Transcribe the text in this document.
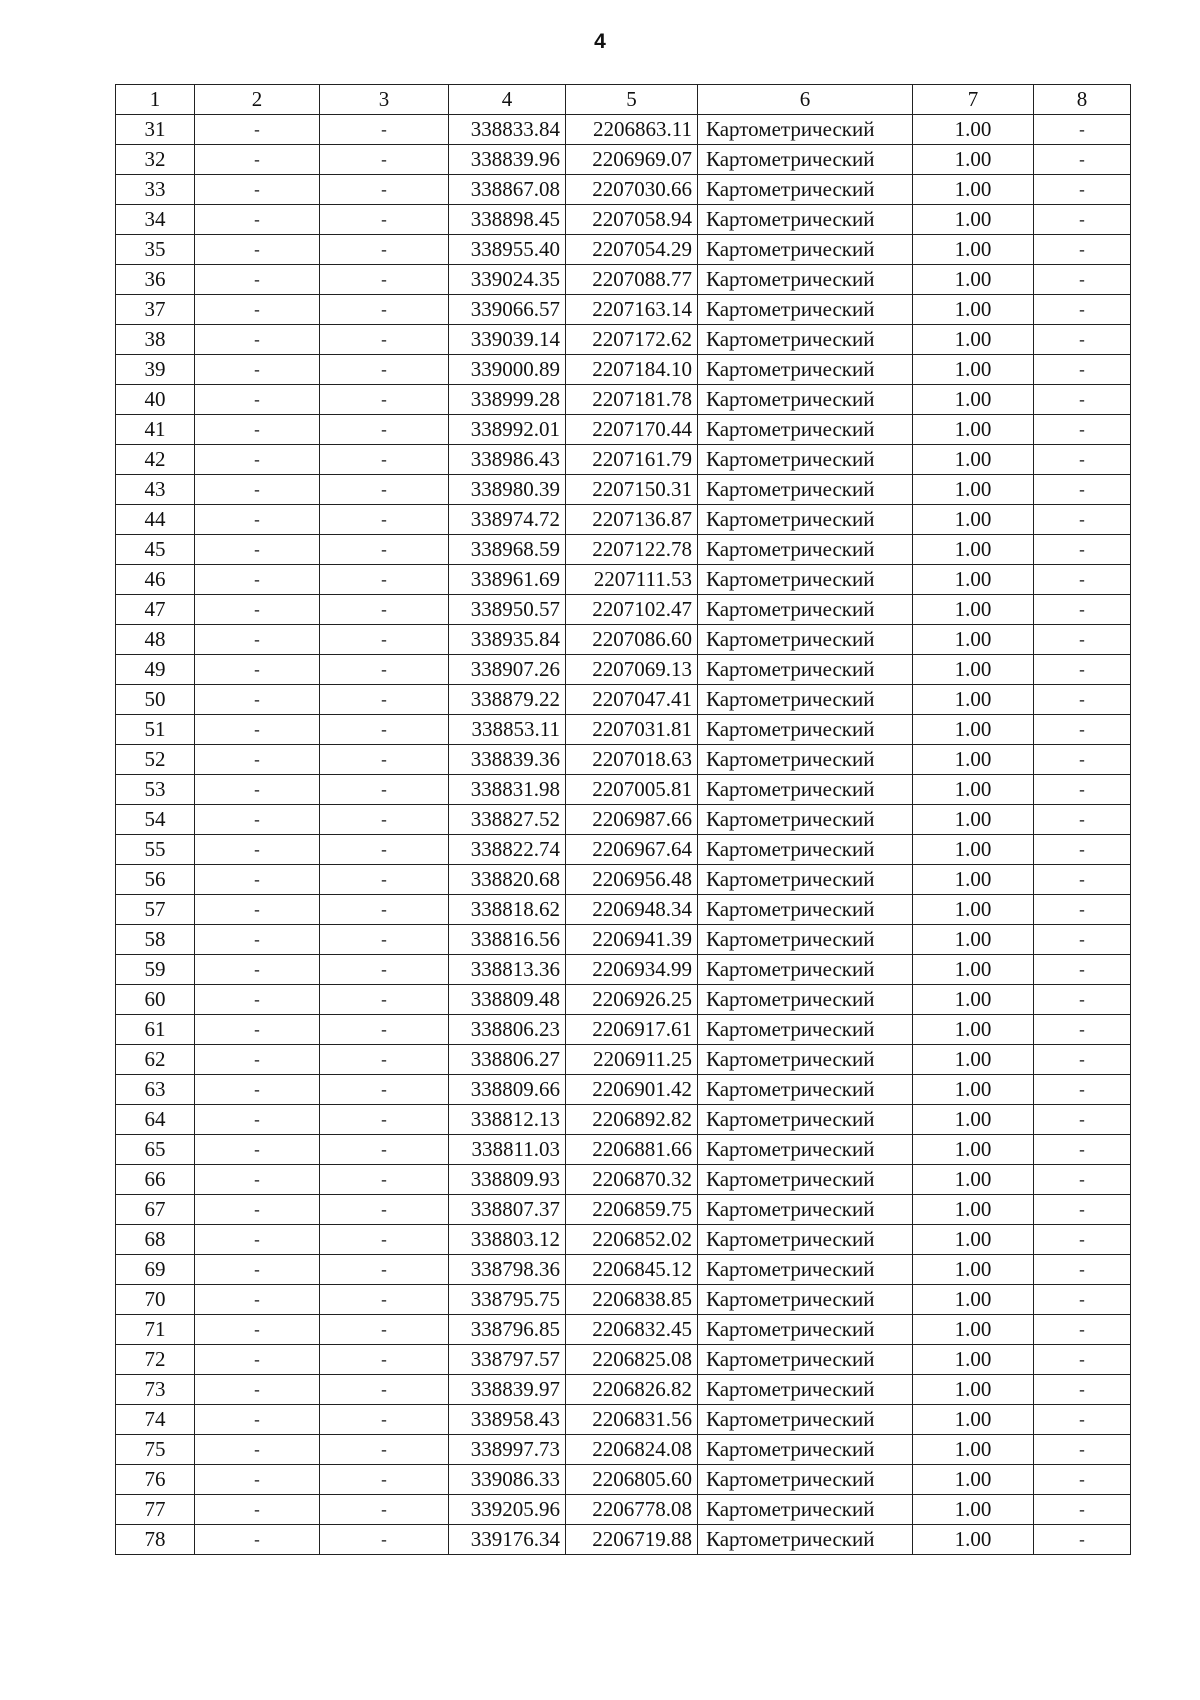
4
1	2	3	4	5	6	7	8
31	-	-	338833.84	2206863.11	Картометрический	1.00	-
32	-	-	338839.96	2206969.07	Картометрический	1.00	-
33	-	-	338867.08	2207030.66	Картометрический	1.00	-
34	-	-	338898.45	2207058.94	Картометрический	1.00	-
35	-	-	338955.40	2207054.29	Картометрический	1.00	-
36	-	-	339024.35	2207088.77	Картометрический	1.00	-
37	-	-	339066.57	2207163.14	Картометрический	1.00	-
38	-	-	339039.14	2207172.62	Картометрический	1.00	-
39	-	-	339000.89	2207184.10	Картометрический	1.00	-
40	-	-	338999.28	2207181.78	Картометрический	1.00	-
41	-	-	338992.01	2207170.44	Картометрический	1.00	-
42	-	-	338986.43	2207161.79	Картометрический	1.00	-
43	-	-	338980.39	2207150.31	Картометрический	1.00	-
44	-	-	338974.72	2207136.87	Картометрический	1.00	-
45	-	-	338968.59	2207122.78	Картометрический	1.00	-
46	-	-	338961.69	2207111.53	Картометрический	1.00	-
47	-	-	338950.57	2207102.47	Картометрический	1.00	-
48	-	-	338935.84	2207086.60	Картометрический	1.00	-
49	-	-	338907.26	2207069.13	Картометрический	1.00	-
50	-	-	338879.22	2207047.41	Картометрический	1.00	-
51	-	-	338853.11	2207031.81	Картометрический	1.00	-
52	-	-	338839.36	2207018.63	Картометрический	1.00	-
53	-	-	338831.98	2207005.81	Картометрический	1.00	-
54	-	-	338827.52	2206987.66	Картометрический	1.00	-
55	-	-	338822.74	2206967.64	Картометрический	1.00	-
56	-	-	338820.68	2206956.48	Картометрический	1.00	-
57	-	-	338818.62	2206948.34	Картометрический	1.00	-
58	-	-	338816.56	2206941.39	Картометрический	1.00	-
59	-	-	338813.36	2206934.99	Картометрический	1.00	-
60	-	-	338809.48	2206926.25	Картометрический	1.00	-
61	-	-	338806.23	2206917.61	Картометрический	1.00	-
62	-	-	338806.27	2206911.25	Картометрический	1.00	-
63	-	-	338809.66	2206901.42	Картометрический	1.00	-
64	-	-	338812.13	2206892.82	Картометрический	1.00	-
65	-	-	338811.03	2206881.66	Картометрический	1.00	-
66	-	-	338809.93	2206870.32	Картометрический	1.00	-
67	-	-	338807.37	2206859.75	Картометрический	1.00	-
68	-	-	338803.12	2206852.02	Картометрический	1.00	-
69	-	-	338798.36	2206845.12	Картометрический	1.00	-
70	-	-	338795.75	2206838.85	Картометрический	1.00	-
71	-	-	338796.85	2206832.45	Картометрический	1.00	-
72	-	-	338797.57	2206825.08	Картометрический	1.00	-
73	-	-	338839.97	2206826.82	Картометрический	1.00	-
74	-	-	338958.43	2206831.56	Картометрический	1.00	-
75	-	-	338997.73	2206824.08	Картометрический	1.00	-
76	-	-	339086.33	2206805.60	Картометрический	1.00	-
77	-	-	339205.96	2206778.08	Картометрический	1.00	-
78	-	-	339176.34	2206719.88	Картометрический	1.00	-
